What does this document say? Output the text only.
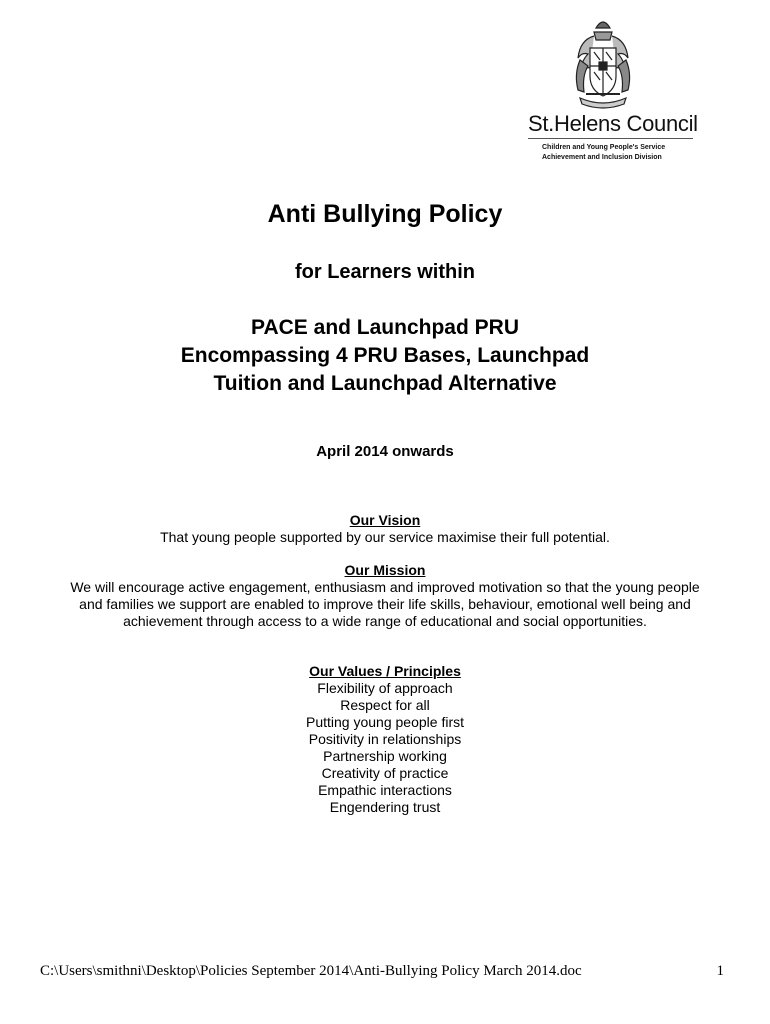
St.Helens Council
Children and Young People's Service
Achievement and Inclusion Division
Anti Bullying Policy
for Learners within
PACE and Launchpad PRU
Encompassing 4 PRU Bases, Launchpad
Tuition and Launchpad Alternative
April 2014 onwards
Our Vision
That young people supported by our service maximise their full potential.
Our Mission
We will encourage active engagement, enthusiasm and improved motivation so that the young people and families we support are enabled to improve their life skills, behaviour, emotional well being and achievement through access to a wide range of educational and social opportunities.
Our Values / Principles
Flexibility of approach
Respect for all
Putting young people first
Positivity in relationships
Partnership working
Creativity of practice
Empathic interactions
Engendering trust
C:\Users\smithni\Desktop\Policies September 2014\Anti-Bullying Policy March 2014.doc	1
